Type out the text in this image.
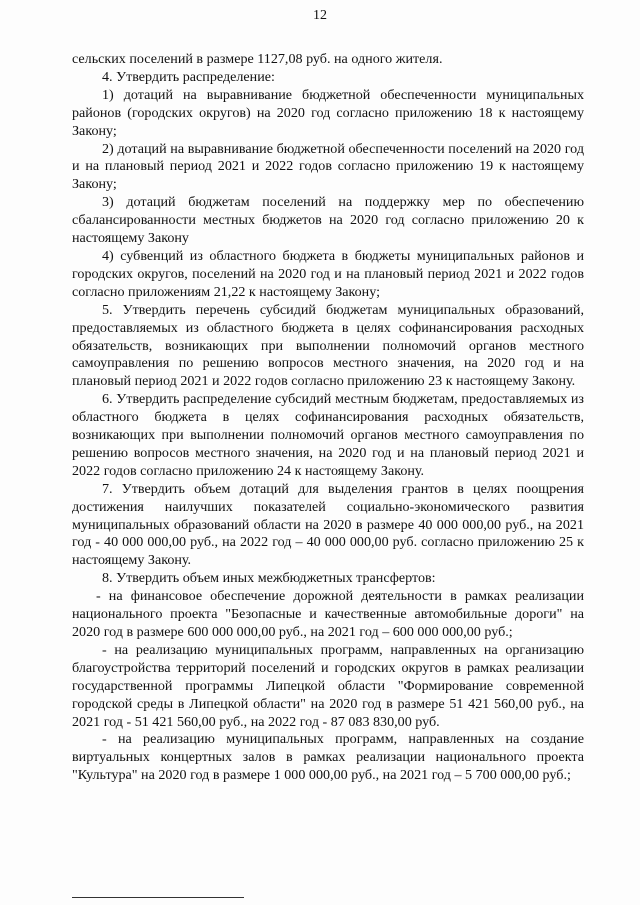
12

сельских поселений в размере 1127,08 руб. на одного жителя.

4. Утвердить распределение:

1) дотаций на выравнивание бюджетной обеспеченности муниципальных районов (городских округов) на 2020 год согласно приложению 18 к настоящему Закону;

2) дотаций на выравнивание бюджетной обеспеченности поселений на 2020 год и на плановый период 2021 и 2022 годов согласно приложению 19 к настоящему Закону;

3) дотаций бюджетам поселений на поддержку мер по обеспечению сбалансированности местных бюджетов на 2020 год согласно приложению 20 к настоящему Закону

4) субвенций из областного бюджета в бюджеты муниципальных районов и городских округов, поселений на 2020 год и на плановый период 2021 и 2022 годов согласно приложениям 21,22 к настоящему Закону;

5. Утвердить перечень субсидий бюджетам муниципальных образований, предоставляемых из областного бюджета в целях софинансирования расходных обязательств, возникающих при выполнении полномочий органов местного самоуправления по решению вопросов местного значения, на 2020 год и на плановый период 2021 и 2022 годов согласно приложению 23 к настоящему Закону.

6. Утвердить распределение субсидий местным бюджетам, предоставляемых из областного бюджета в целях софинансирования расходных обязательств, возникающих при выполнении полномочий органов местного самоуправления по решению вопросов местного значения, на 2020 год и на плановый период 2021 и 2022 годов согласно приложению 24 к настоящему Закону.

7. Утвердить объем дотаций для выделения грантов в целях поощрения достижения наилучших показателей социально-экономического развития муниципальных образований области на 2020 в размере 40 000 000,00 руб., на 2021 год - 40 000 000,00 руб., на 2022 год – 40 000 000,00 руб. согласно приложению 25 к настоящему Закону.

8. Утвердить объем иных межбюджетных трансфертов:

- на финансовое обеспечение дорожной деятельности в рамках реализации национального проекта "Безопасные и качественные автомобильные дороги" на 2020 год в размере 600 000 000,00 руб., на 2021 год – 600 000 000,00 руб.;

- на реализацию муниципальных программ, направленных на организацию благоустройства территорий поселений и городских округов в рамках реализации государственной программы Липецкой области "Формирование современной городской среды в Липецкой области" на 2020 год в размере 51 421 560,00 руб., на 2021 год - 51 421 560,00 руб., на 2022 год - 87 083 830,00 руб.

- на реализацию муниципальных программ, направленных на создание виртуальных концертных залов в рамках реализации национального проекта "Культура" на 2020 год в размере 1 000 000,00 руб., на 2021 год – 5 700 000,00 руб.;
